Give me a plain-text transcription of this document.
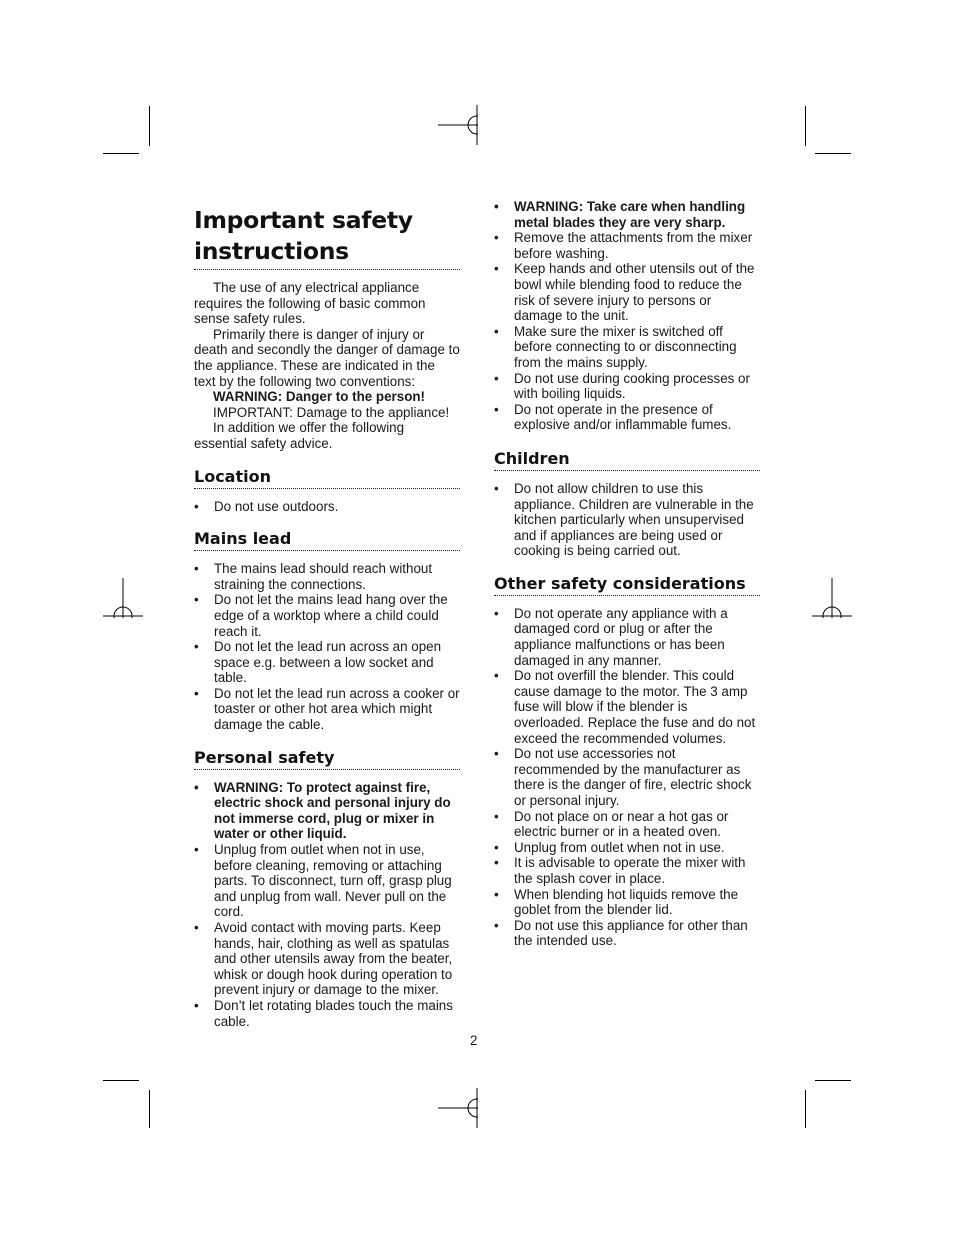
Important safety instructions

The use of any electrical appliance requires the following of basic common sense safety rules.

Primarily there is danger of injury or death and secondly the danger of damage to the appliance. These are indicated in the text by the following two conventions:

WARNING: Danger to the person!

IMPORTANT: Damage to the appliance!

In addition we offer the following essential safety advice.

Location
• Do not use outdoors.
Mains lead
• The mains lead should reach without straining the connections.
• Do not let the mains lead hang over the edge of a worktop where a child could reach it.
• Do not let the lead run across an open space e.g. between a low socket and table.
• Do not let the lead run across a cooker or toaster or other hot area which might damage the cable.
Personal safety
• WARNING: To protect against fire, electric shock and personal injury do not immerse cord, plug or mixer in water or other liquid.
• Unplug from outlet when not in use, before cleaning, removing or attaching parts. To disconnect, turn off, grasp plug and unplug from wall. Never pull on the cord.
• Avoid contact with moving parts. Keep hands, hair, clothing as well as spatulas and other utensils away from the beater, whisk or dough hook during operation to prevent injury or damage to the mixer.
• Don’t let rotating blades touch the mains cable.
• WARNING: Take care when handling metal blades they are very sharp.
• Remove the attachments from the mixer before washing.
• Keep hands and other utensils out of the bowl while blending food to reduce the risk of severe injury to persons or damage to the unit.
• Make sure the mixer is switched off before connecting to or disconnecting from the mains supply.
• Do not use during cooking processes or with boiling liquids.
• Do not operate in the presence of explosive and/or inflammable fumes.
Children
• Do not allow children to use this appliance. Children are vulnerable in the kitchen particularly when unsupervised and if appliances are being used or cooking is being carried out.
Other safety considerations
• Do not operate any appliance with a damaged cord or plug or after the appliance malfunctions or has been damaged in any manner.
• Do not overfill the blender. This could cause damage to the motor. The 3 amp fuse will blow if the blender is overloaded. Replace the fuse and do not exceed the recommended volumes.
• Do not use accessories not recommended by the manufacturer as there is the danger of fire, electric shock or personal injury.
• Do not place on or near a hot gas or electric burner or in a heated oven.
• Unplug from outlet when not in use.
• It is advisable to operate the mixer with the splash cover in place.
• When blending hot liquids remove the goblet from the blender lid.
• Do not use this appliance for other than the intended use.
2
